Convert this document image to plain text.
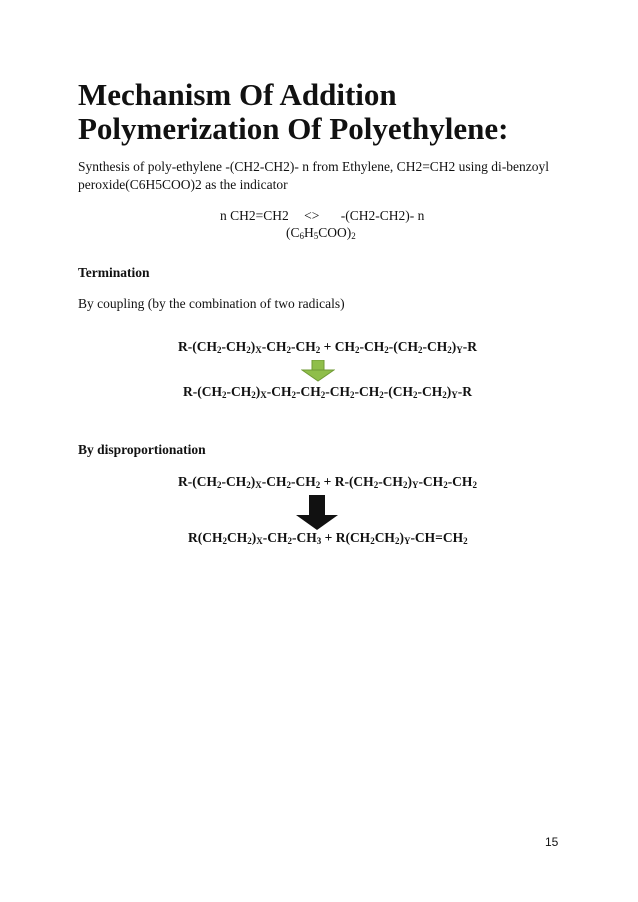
Mechanism Of Addition
Polymerization Of Polyethylene:
Synthesis of poly-ethylene -(CH2-CH2)- n from Ethylene, CH2=CH2 using di-benzoyl
peroxide(C6H5COO)2 as the indicator
n CH2=CH2 <> -(CH2-CH2)- n
$(C_6H_5COO)_2$
Termination
By coupling (by the combination of two radicals)
$R-(CH_2-CH_2)_X-CH_2-CH_2 + CH_2-CH_2-(CH_2-CH_2)_Y-R$
$R-(CH_2-CH_2)_X-CH_2-CH_2-CH_2-CH_2-(CH_2-CH_2)_Y-R$
By disproportionation
$R-(CH_2-CH_2)_X-CH_2-CH_2 + R-(CH_2-CH_2)_Y-CH_2-CH_2$
$R(CH_2CH_2)_X-CH_2-CH_3 + R(CH_2CH_2)_Y-CH=CH_2$
15
